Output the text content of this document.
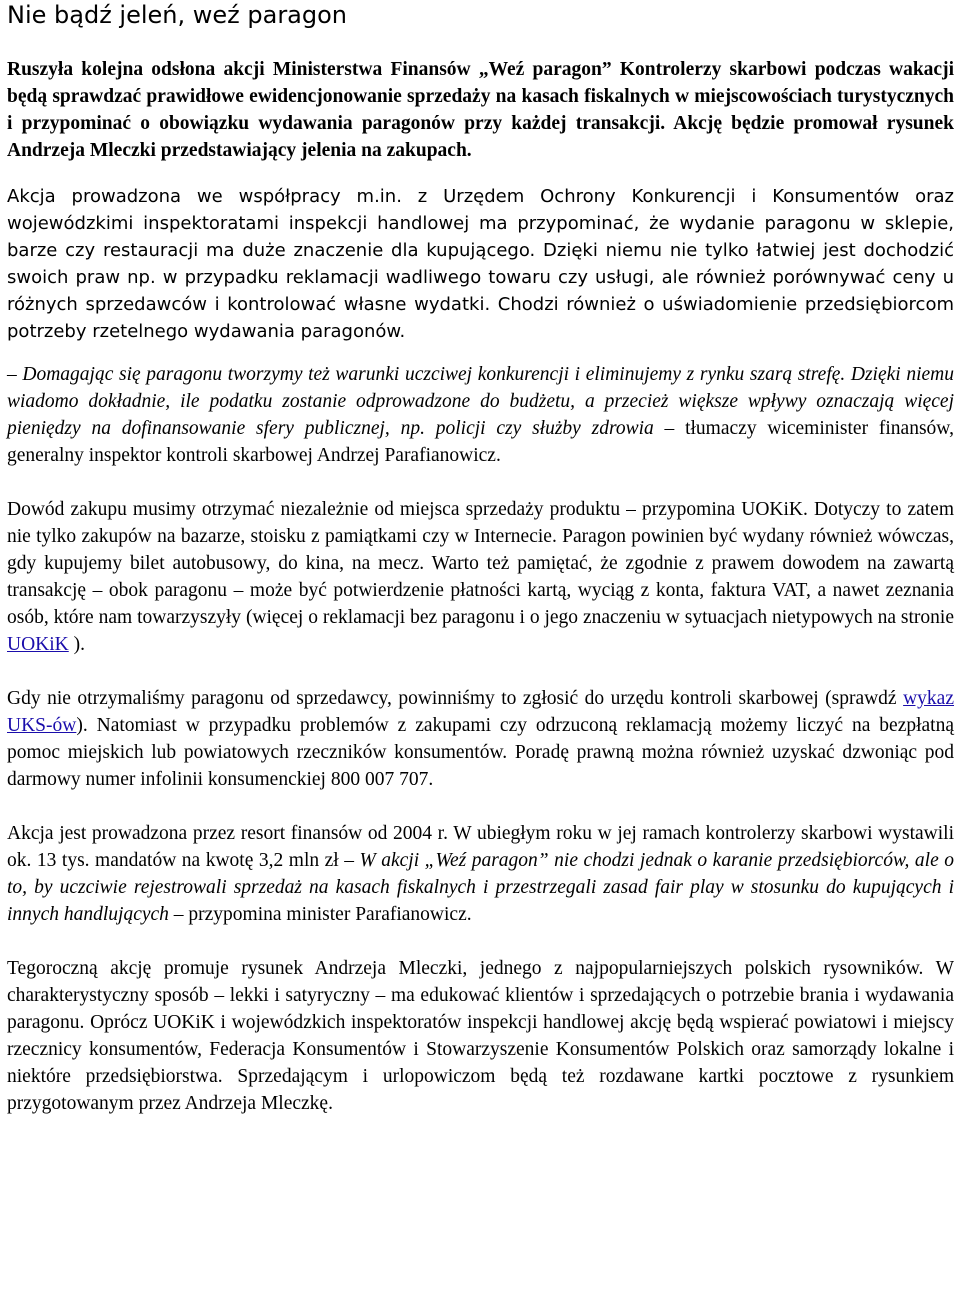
Nie bądź jeleń, weź paragon

Ruszyła kolejna odsłona akcji Ministerstwa Finansów „Weź paragon” Kontrolerzy skarbowi podczas wakacji będą sprawdzać prawidłowe ewidencjonowanie sprzedaży na kasach fiskalnych w miejscowościach turystycznych i przypominać o obowiązku wydawania paragonów przy każdej transakcji. Akcję będzie promował rysunek Andrzeja Mleczki przedstawiający jelenia na zakupach.

Akcja prowadzona we współpracy m.in. z Urzędem Ochrony Konkurencji i Konsumentów oraz wojewódzkimi inspektoratami inspekcji handlowej ma przypominać, że wydanie paragonu w sklepie, barze czy restauracji ma duże znaczenie dla kupującego. Dzięki niemu nie tylko łatwiej jest dochodzić swoich praw np. w przypadku reklamacji wadliwego towaru czy usługi, ale również porównywać ceny u różnych sprzedawców i kontrolować własne wydatki. Chodzi również o uświadomienie przedsiębiorcom potrzeby rzetelnego wydawania paragonów.

– Domagając się paragonu tworzymy też warunki uczciwej konkurencji i eliminujemy z rynku szarą strefę. Dzięki niemu wiadomo dokładnie, ile podatku zostanie odprowadzone do budżetu, a przecież większe wpływy oznaczają więcej pieniędzy na dofinansowanie sfery publicznej, np. policji czy służby zdrowia – tłumaczy wiceminister finansów, generalny inspektor kontroli skarbowej Andrzej Parafianowicz.

Dowód zakupu musimy otrzymać niezależnie od miejsca sprzedaży produktu – przypomina UOKiK. Dotyczy to zatem nie tylko zakupów na bazarze, stoisku z pamiątkami czy w Internecie. Paragon powinien być wydany również wówczas, gdy kupujemy bilet autobusowy, do kina, na mecz. Warto też pamiętać, że zgodnie z prawem dowodem na zawartą transakcję – obok paragonu – może być potwierdzenie płatności kartą, wyciąg z konta, faktura VAT, a nawet zeznania osób, które nam towarzyszyły (więcej o reklamacji bez paragonu i o jego znaczeniu w sytuacjach nietypowych na stronie UOKiK ).

Gdy nie otrzymaliśmy paragonu od sprzedawcy, powinniśmy to zgłosić do urzędu kontroli skarbowej (sprawdź wykaz UKS-ów). Natomiast w przypadku problemów z zakupami czy odrzuconą reklamacją możemy liczyć na bezpłatną pomoc miejskich lub powiatowych rzeczników konsumentów. Poradę prawną można również uzyskać dzwoniąc pod darmowy numer infolinii konsumenckiej 800 007 707.

Akcja jest prowadzona przez resort finansów od 2004 r. W ubiegłym roku w jej ramach kontrolerzy skarbowi wystawili ok. 13 tys. mandatów na kwotę 3,2 mln zł – W akcji „Weź paragon” nie chodzi jednak o karanie przedsiębiorców, ale o to, by uczciwie rejestrowali sprzedaż na kasach fiskalnych i przestrzegali zasad fair play w stosunku do kupujących i innych handlujących – przypomina minister Parafianowicz.

Tegoroczną akcję promuje rysunek Andrzeja Mleczki, jednego z najpopularniejszych polskich rysowników. W charakterystyczny sposób – lekki i satyryczny – ma edukować klientów i sprzedających o potrzebie brania i wydawania paragonu. Oprócz UOKiK i wojewódzkich inspektoratów inspekcji handlowej akcję będą wspierać powiatowi i miejscy rzecznicy konsumentów, Federacja Konsumentów i Stowarzyszenie Konsumentów Polskich oraz samorządy lokalne i niektóre przedsiębiorstwa. Sprzedającym i urlopowiczom będą też rozdawane kartki pocztowe z rysunkiem przygotowanym przez Andrzeja Mleczkę.
